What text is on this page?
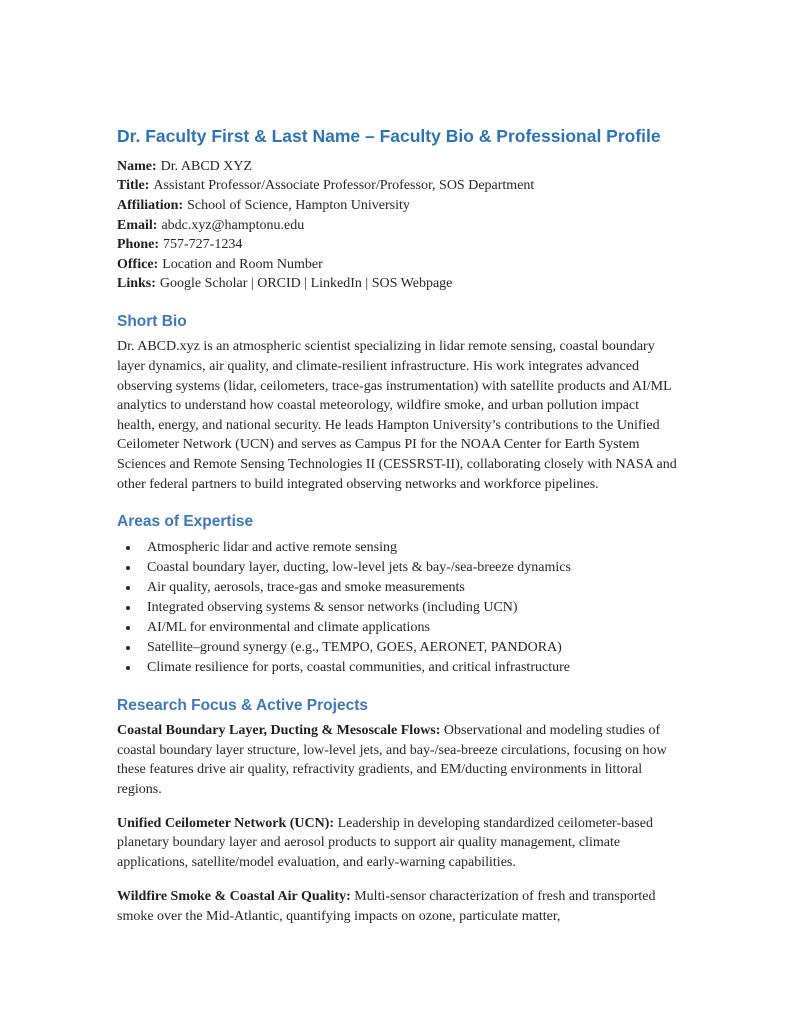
Dr. Faculty First & Last Name – Faculty Bio & Professional Profile

Name: Dr. ABCD XYZ

Title: Assistant Professor/Associate Professor/Professor, SOS Department

Affiliation: School of Science, Hampton University

Email: abdc.xyz@hamptonu.edu

Phone: 757-727-1234

Office: Location and Room Number

Links: Google Scholar | ORCID | LinkedIn | SOS Webpage

Short Bio

Dr. ABCD.xyz is an atmospheric scientist specializing in lidar remote sensing, coastal boundary layer dynamics, air quality, and climate-resilient infrastructure. His work integrates advanced observing systems (lidar, ceilometers, trace-gas instrumentation) with satellite products and AI/ML analytics to understand how coastal meteorology, wildfire smoke, and urban pollution impact health, energy, and national security. He leads Hampton University’s contributions to the Unified Ceilometer Network (UCN) and serves as Campus PI for the NOAA Center for Earth System Sciences and Remote Sensing Technologies II (CESSRST-II), collaborating closely with NASA and other federal partners to build integrated observing networks and workforce pipelines.

Areas of Expertise
• Atmospheric lidar and active remote sensing
• Coastal boundary layer, ducting, low-level jets & bay-/sea-breeze dynamics
• Air quality, aerosols, trace-gas and smoke measurements
• Integrated observing systems & sensor networks (including UCN)
• AI/ML for environmental and climate applications
• Satellite–ground synergy (e.g., TEMPO, GOES, AERONET, PANDORA)
• Climate resilience for ports, coastal communities, and critical infrastructure
Research Focus & Active Projects

Coastal Boundary Layer, Ducting & Mesoscale Flows: Observational and modeling studies of coastal boundary layer structure, low-level jets, and bay-/sea-breeze circulations, focusing on how these features drive air quality, refractivity gradients, and EM/ducting environments in littoral regions.

Unified Ceilometer Network (UCN): Leadership in developing standardized ceilometer-based planetary boundary layer and aerosol products to support air quality management, climate applications, satellite/model evaluation, and early-warning capabilities.

Wildfire Smoke & Coastal Air Quality: Multi-sensor characterization of fresh and transported smoke over the Mid-Atlantic, quantifying impacts on ozone, particulate matter,
